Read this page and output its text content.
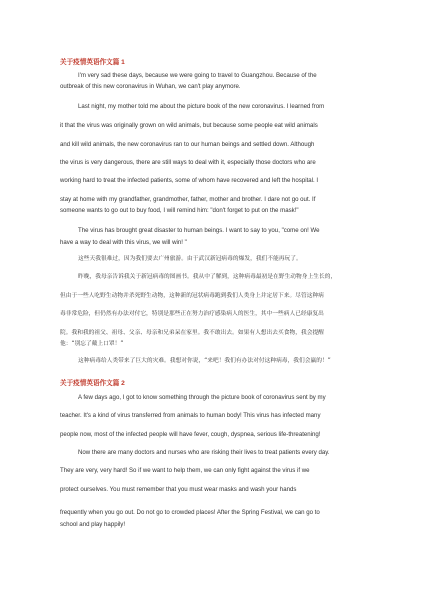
关于疫情英语作文篇 1
I'm very sad these days, because we were going to travel to Guangzhou. Because of the
outbreak of this new coronavirus in Wuhan, we can't play anymore.
Last night, my mother told me about the picture book of the new coronavirus. I learned from
it that the virus was originally grown on wild animals, but because some people eat wild animals
and kill wild animals, the new coronavirus ran to our human beings and settled down. Although
the virus is very dangerous, there are still ways to deal with it, especially those doctors who are
working hard to treat the infected patients, some of whom have recovered and left the hospital. I
stay at home with my grandfather, grandmother, father, mother and brother. I dare not go out. If
someone wants to go out to buy food, I will remind him: "don't forget to put on the mask!"
The virus has brought great disaster to human beings. I want to say to you, "come on! We
have a way to deal with this virus, we will win! "
这些天我很难过，因为我们要去广州旅游。由于武汉新冠病毒的爆发，我们不能再玩了。
昨晚，我母亲告诉我关于新冠病毒的图画书。我从中了解到，这种病毒最初是在野生动物身上生长的，
但由于一些人吃野生动物并杀死野生动物，这种新的冠状病毒跑到我们人类身上并定居下来。尽管这种病
毒非常危险，但仍然有办法对付它，特别是那些正在努力治疗感染病人的医生，其中一些病人已经康复出
院。我和我的祖父、祖母、父亲、母亲和兄弟呆在家里。我不敢出去。如果有人想出去买食物，我会提醒
他：“别忘了戴上口罩！”
这种病毒给人类带来了巨大的灾难。我想对你说，“来吧！我们有办法对付这种病毒，我们会赢的！”
关于疫情英语作文篇 2
A few days ago, I got to know something through the picture book of coronavirus sent by my
teacher. It's a kind of virus transferred from animals to human body! This virus has infected many
people now, most of the infected people will have fever, cough, dyspnea, serious life-threatening!
Now there are many doctors and nurses who are risking their lives to treat patients every day.
They are very, very hard! So if we want to help them, we can only fight against the virus if we
protect ourselves. You must remember that you must wear masks and wash your hands
frequently when you go out. Do not go to crowded places! After the Spring Festival, we can go to
school and play happily!
